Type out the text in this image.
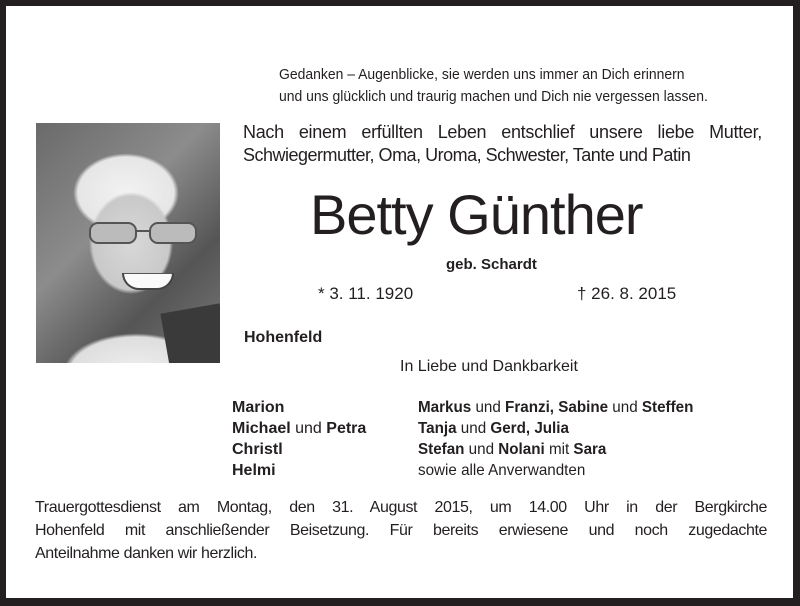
Gedanken – Augenblicke, sie werden uns immer an Dich erinnern
und uns glücklich und traurig machen und Dich nie vergessen lassen.
Nach einem erfüllten Leben entschlief unsere liebe Mutter,
Schwiegermutter, Oma, Uroma, Schwester, Tante und Patin
Betty Günther
geb. Schardt
* 3. 11. 1920	† 26. 8. 2015
Hohenfeld
In Liebe und Dankbarkeit
Marion
Michael und Petra
Christl
Helmi
Markus und Franzi, Sabine und Steffen
Tanja und Gerd, Julia
Stefan und Nolani mit Sara
sowie alle Anverwandten
Trauergottesdienst am Montag, den 31. August 2015, um 14.00 Uhr in der Bergkirche
Hohenfeld mit anschließender Beisetzung. Für bereits erwiesene und noch zugedachte
Anteilnahme danken wir herzlich.
